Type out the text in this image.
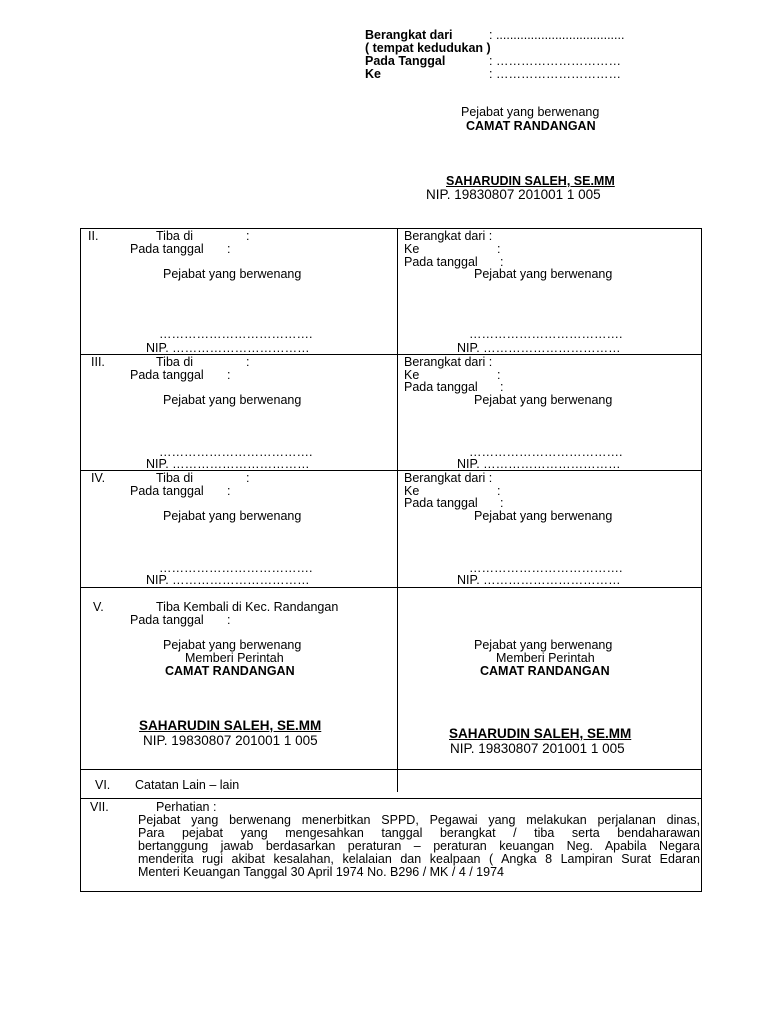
Berangkat dari	: .....................................
( tempat kedudukan )
Pada Tanggal	: …………………………
Ke	: …………………………
Pejabat yang berwenang
CAMAT RANDANGAN
SAHARUDIN SALEH, SE.MM
NIP. 19830807 201001 1 005
II.	Tiba di	:
Pada tanggal :
Pejabat yang berwenang
……………………………….
NIP. ……………………………
Berangkat dari :
Ke	:
Pada tanggal :
Pejabat yang berwenang
……………………………….
NIP. ……………………………
III.	Tiba di	:
Pada tanggal :
Pejabat yang berwenang
……………………………….
NIP. ……………………………
Berangkat dari :
Ke	:
Pada tanggal :
Pejabat yang berwenang
……………………………….
NIP. ……………………………
IV.	Tiba di	:
Pada tanggal :
Pejabat yang berwenang
……………………………….
NIP. ……………………………
Berangkat dari :
Ke	:
Pada tanggal :
Pejabat yang berwenang
……………………………….
NIP. ……………………………
V.	Tiba Kembali di Kec. Randangan
Pada tanggal :
Pejabat yang berwenang
Memberi Perintah
CAMAT RANDANGAN
SAHARUDIN SALEH, SE.MM
NIP. 19830807 201001 1 005
Pejabat yang berwenang
Memberi Perintah
CAMAT RANDANGAN
SAHARUDIN SALEH, SE.MM
NIP. 19830807 201001 1 005
VI. Catatan Lain – lain
VII.	Perhatian :
Pejabat yang berwenang menerbitkan SPPD, Pegawai yang melakukan perjalanan dinas,
Para pejabat yang mengesahkan tanggal berangkat / tiba serta bendaharawan
bertanggung jawab berdasarkan peraturan – peraturan keuangan Neg. Apabila Negara
menderita rugi akibat kesalahan, kelalaian dan kealpaan ( Angka 8 Lampiran Surat Edaran
Menteri Keuangan Tanggal 30 April 1974 No. B296 / MK / 4 / 1974
